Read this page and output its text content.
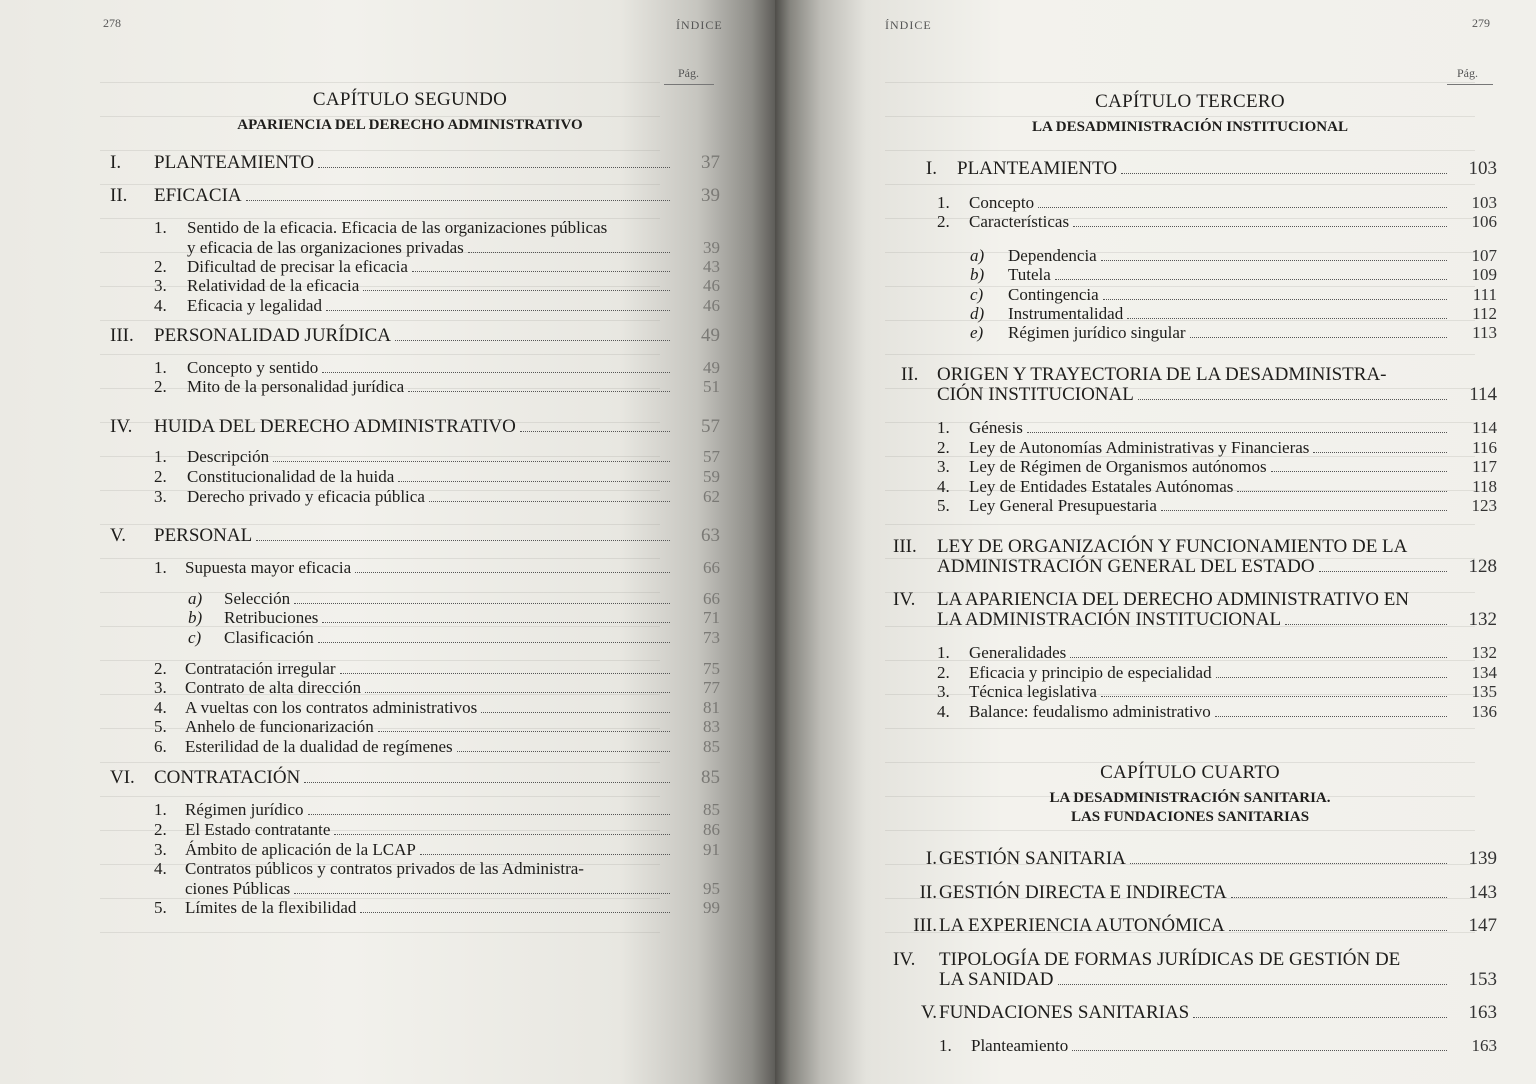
278	ÍNDICE
Pág.
CAPÍTULO SEGUNDO
APARIENCIA DEL DERECHO ADMINISTRATIVO
I.	PLANTEAMIENTO	37
II.	EFICACIA	39
1. Sentido de la eficacia. Eficacia de las organizaciones públicas
y eficacia de las organizaciones privadas	39
2.	Dificultad de precisar la eficacia	43
3.	Relatividad de la eficacia	46
4.	Eficacia y legalidad	46
III.	PERSONALIDAD JURÍDICA	49
1.	Concepto y sentido	49
2.	Mito de la personalidad jurídica	51
IV.	HUIDA DEL DERECHO ADMINISTRATIVO	57
1.	Descripción	57
2.	Constitucionalidad de la huida	59
3.	Derecho privado y eficacia pública	62
V.	PERSONAL	63
1.	Supuesta mayor eficacia	66
a)	Selección	66
b)	Retribuciones	71
c)	Clasificación	73
2.	Contratación irregular	75
3.	Contrato de alta dirección	77
4.	A vueltas con los contratos administrativos	81
5.	Anhelo de funcionarización	83
6.	Esterilidad de la dualidad de regímenes	85
VI.	CONTRATACIÓN	85
1.	Régimen jurídico	85
2.	El Estado contratante	86
3.	Ámbito de aplicación de la LCAP	91
4. Contratos públicos y contratos privados de las Administra-
ciones Públicas	95
5.	Límites de la flexibilidad	99
ÍNDICE	279
Pág.
CAPÍTULO TERCERO
LA DESADMINISTRACIÓN INSTITUCIONAL
I.	PLANTEAMIENTO	103
1.	Concepto	103
2.	Características	106
a)	Dependencia	107
b)	Tutela	109
c)	Contingencia	111
d)	Instrumentalidad	112
e)	Régimen jurídico singular	113
II. ORIGEN Y TRAYECTORIA DE LA DESADMINISTRA-
CIÓN INSTITUCIONAL	114
1.	Génesis	114
2.	Ley de Autonomías Administrativas y Financieras	116
3.	Ley de Régimen de Organismos autónomos	117
4.	Ley de Entidades Estatales Autónomas	118
5.	Ley General Presupuestaria	123
III. LEY DE ORGANIZACIÓN Y FUNCIONAMIENTO DE LA
ADMINISTRACIÓN GENERAL DEL ESTADO	128
IV. LA APARIENCIA DEL DERECHO ADMINISTRATIVO EN
LA ADMINISTRACIÓN INSTITUCIONAL	132
1.	Generalidades	132
2.	Eficacia y principio de especialidad	134
3.	Técnica legislativa	135
4.	Balance: feudalismo administrativo	136
CAPÍTULO CUARTO
LA DESADMINISTRACIÓN SANITARIA.
LAS FUNDACIONES SANITARIAS
I. GESTIÓN SANITARIA	139
II. GESTIÓN DIRECTA E INDIRECTA	143
III. LA EXPERIENCIA AUTONÓMICA	147
IV. TIPOLOGÍA DE FORMAS JURÍDICAS DE GESTIÓN DE
LA SANIDAD	153
V. FUNDACIONES SANITARIAS	163
1.	Planteamiento	163
